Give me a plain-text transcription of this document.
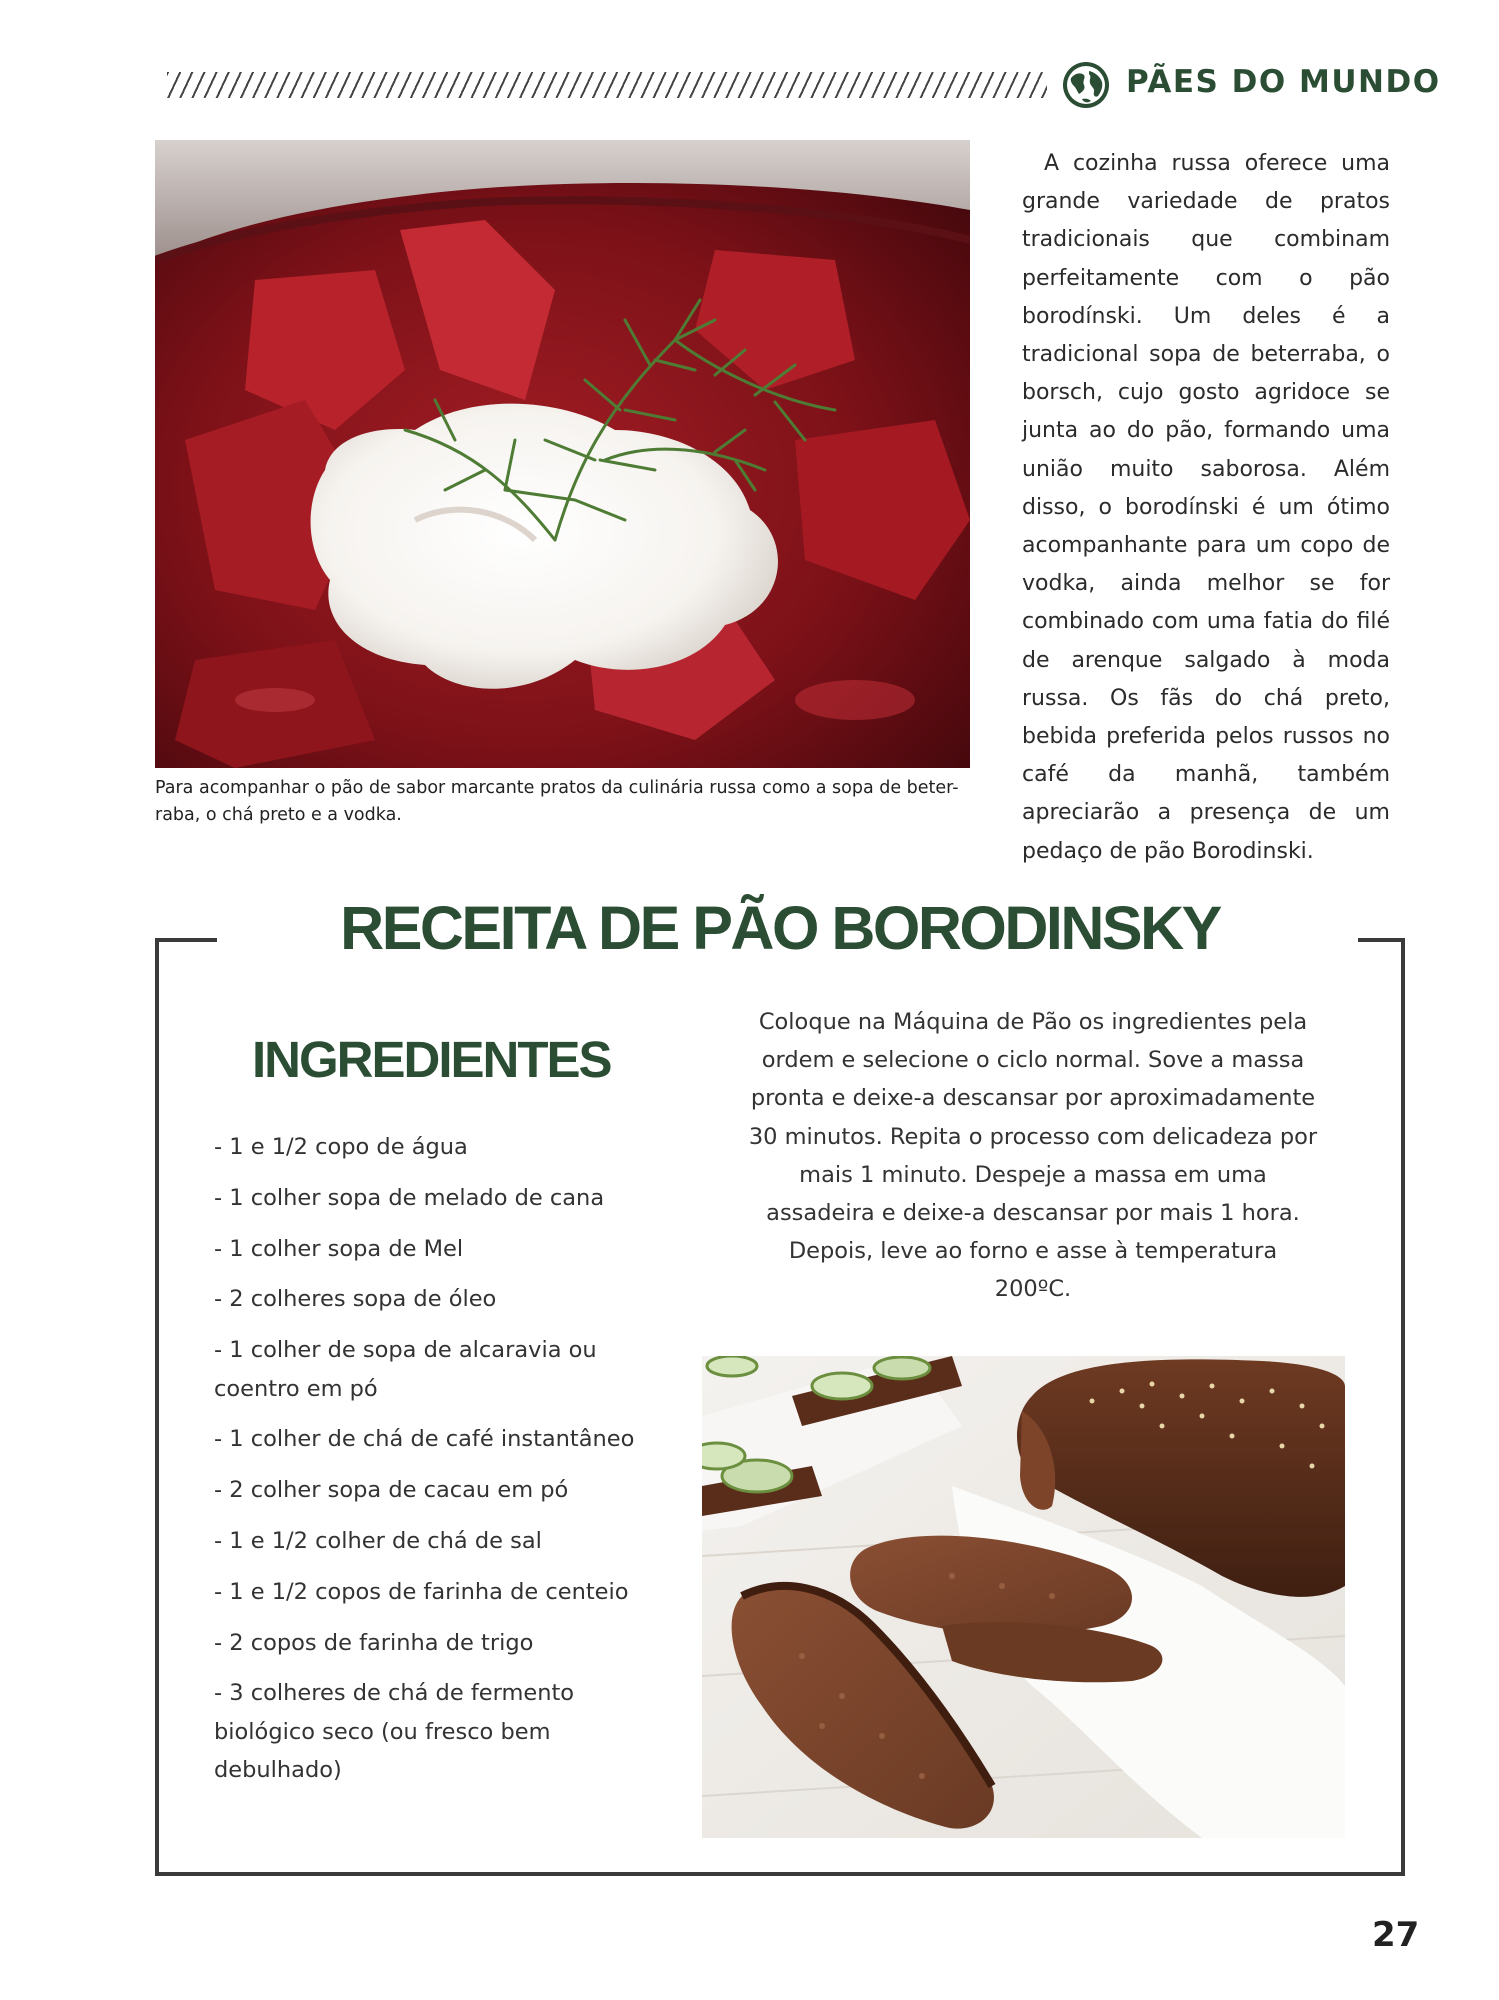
PÃES DO MUNDO
Para acompanhar o pão de sabor marcante pratos da culinária russa como a sopa de beter-raba, o chá preto e a vodka.
A cozinha russa oferece uma grande variedade de pratos tradicionais que combinam perfeitamente com o pão borodínski. Um deles é a tradicional sopa de beterraba, o borsch, cujo gosto agridoce se junta ao do pão, formando uma união muito saborosa. Além disso, o borodínski é um ótimo acompanhante para um copo de vodka, ainda melhor se for combinado com uma fatia do filé de arenque salgado à moda russa. Os fãs do chá preto, bebida preferida pelos russos no café da manhã, também apreciarão a presença de um pedaço de pão Borodinski.
RECEITA DE PÃO BORODINSKY
INGREDIENTES
- 1 e 1/2 copo de água
- 1 colher sopa de melado de cana
- 1 colher sopa de Mel
- 2 colheres sopa de óleo
- 1 colher de sopa de alcaravia ou coentro em pó
- 1 colher de chá de café instantâneo
- 2 colher sopa de cacau em pó
- 1 e 1/2 colher de chá de sal
- 1 e 1/2 copos de farinha de centeio
- 2 copos de farinha de trigo
- 3 colheres de chá de fermento biológico seco (ou fresco bem debulhado)
Coloque na Máquina de Pão os ingredientes pela ordem e selecione o ciclo normal. Sove a massa pronta e deixe-a descansar por aproximadamente 30 minutos. Repita o processo com delicadeza por mais 1 minuto. Despeje a massa em uma assadeira e deixe-a descansar por mais 1 hora. Depois, leve ao forno e asse à temperatura 200ºC.
27
